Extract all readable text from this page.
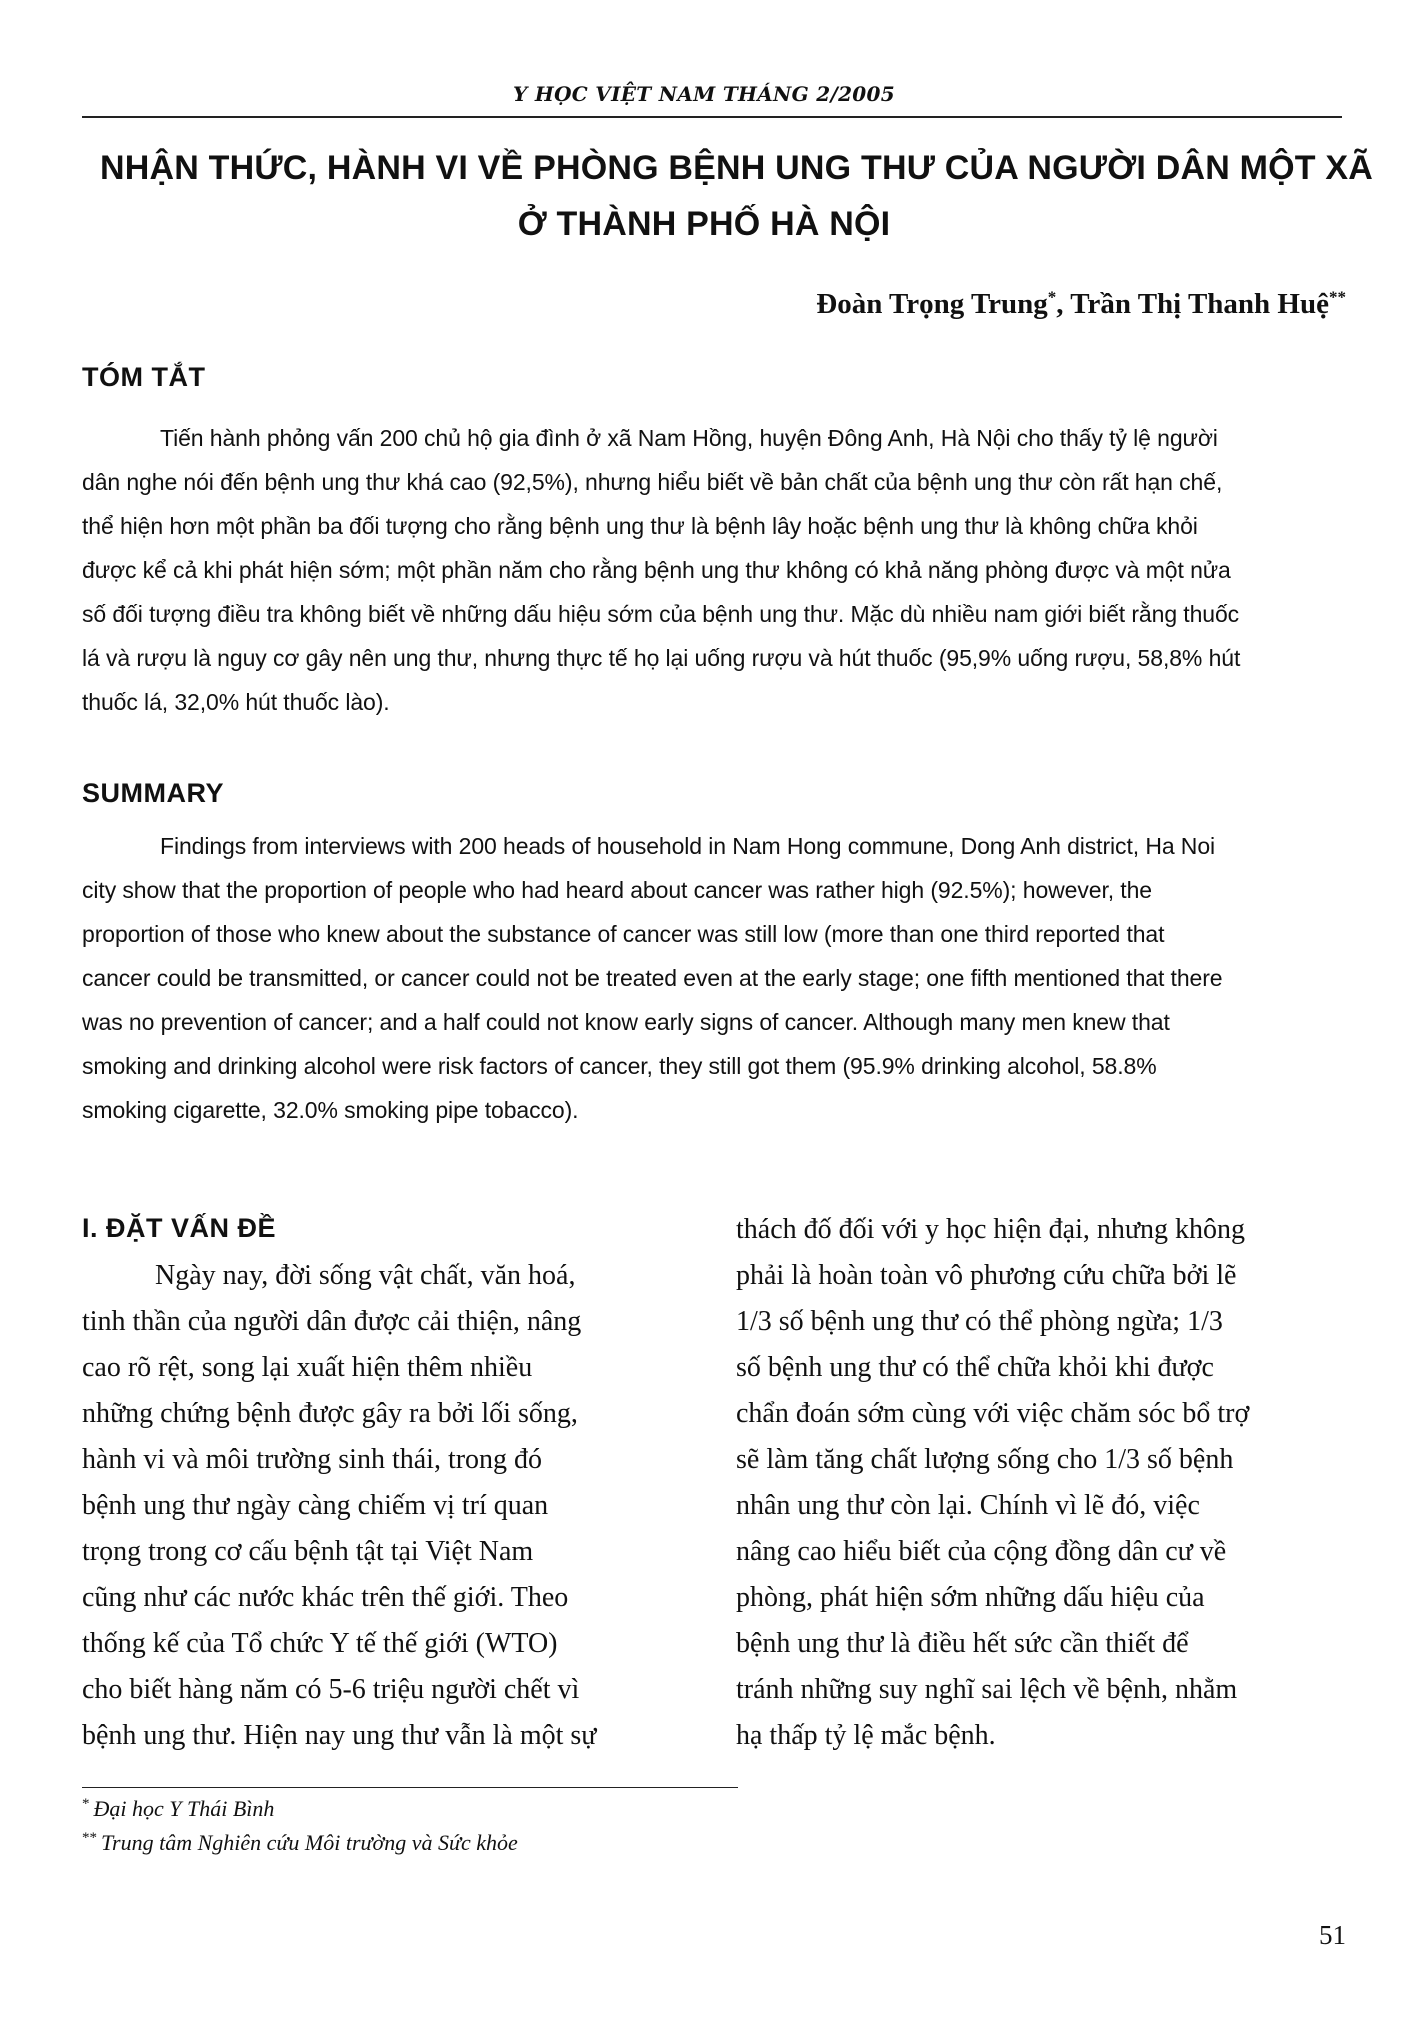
Y HỌC VIỆT NAM THÁNG 2/2005
NHẬN THỨC, HÀNH VI VỀ PHÒNG BỆNH UNG THƯ CỦA NGƯỜI DÂN MỘT XÃ
Ở THÀNH PHỐ HÀ NỘI
Đoàn Trọng Trung*, Trần Thị Thanh Huệ**
TÓM TẮT
Tiến hành phỏng vấn 200 chủ hộ gia đình ở xã Nam Hồng, huyện Đông Anh, Hà Nội cho thấy tỷ lệ người
dân nghe nói đến bệnh ung thư khá cao (92,5%), nhưng hiểu biết về bản chất của bệnh ung thư còn rất hạn chế,
thể hiện hơn một phần ba đối tượng cho rằng bệnh ung thư là bệnh lây hoặc bệnh ung thư là không chữa khỏi
được kể cả khi phát hiện sớm; một phần năm cho rằng bệnh ung thư không có khả năng phòng được và một nửa
số đối tượng điều tra không biết về những dấu hiệu sớm của bệnh ung thư. Mặc dù nhiều nam giới biết rằng thuốc
lá và rượu là nguy cơ gây nên ung thư, nhưng thực tế họ lại uống rượu và hút thuốc (95,9% uống rượu, 58,8% hút
thuốc lá, 32,0% hút thuốc lào).
SUMMARY
Findings from interviews with 200 heads of household in Nam Hong commune, Dong Anh district, Ha Noi
city show that the proportion of people who had heard about cancer was rather high (92.5%); however, the
proportion of those who knew about the substance of cancer was still low (more than one third reported that
cancer could be transmitted, or cancer could not be treated even at the early stage; one fifth mentioned that there
was no prevention of cancer; and a half could not know early signs of cancer. Although many men knew that
smoking and drinking alcohol were risk factors of cancer, they still got them (95.9% drinking alcohol, 58.8%
smoking cigarette, 32.0% smoking pipe tobacco).
I. ĐẶT VẤN ĐỀ
Ngày nay, đời sống vật chất, văn hoá,
tinh thần của người dân được cải thiện, nâng
cao rõ rệt, song lại xuất hiện thêm nhiều
những chứng bệnh được gây ra bởi lối sống,
hành vi và môi trường sinh thái, trong đó
bệnh ung thư ngày càng chiếm vị trí quan
trọng trong cơ cấu bệnh tật tại Việt Nam
cũng như các nước khác trên thế giới. Theo
thống kế của Tổ chức Y tế thế giới (WTO)
cho biết hàng năm có 5-6 triệu người chết vì
bệnh ung thư. Hiện nay ung thư vẫn là một sự
thách đố đối với y học hiện đại, nhưng không
phải là hoàn toàn vô phương cứu chữa bởi lẽ
1/3 số bệnh ung thư có thể phòng ngừa; 1/3
số bệnh ung thư có thể chữa khỏi khi được
chẩn đoán sớm cùng với việc chăm sóc bổ trợ
sẽ làm tăng chất lượng sống cho 1/3 số bệnh
nhân ung thư còn lại. Chính vì lẽ đó, việc
nâng cao hiểu biết của cộng đồng dân cư về
phòng, phát hiện sớm những dấu hiệu của
bệnh ung thư là điều hết sức cần thiết để
tránh những suy nghĩ sai lệch về bệnh, nhằm
hạ thấp tỷ lệ mắc bệnh.
* Đại học Y Thái Bình
** Trung tâm Nghiên cứu Môi trường và Sức khỏe
51
